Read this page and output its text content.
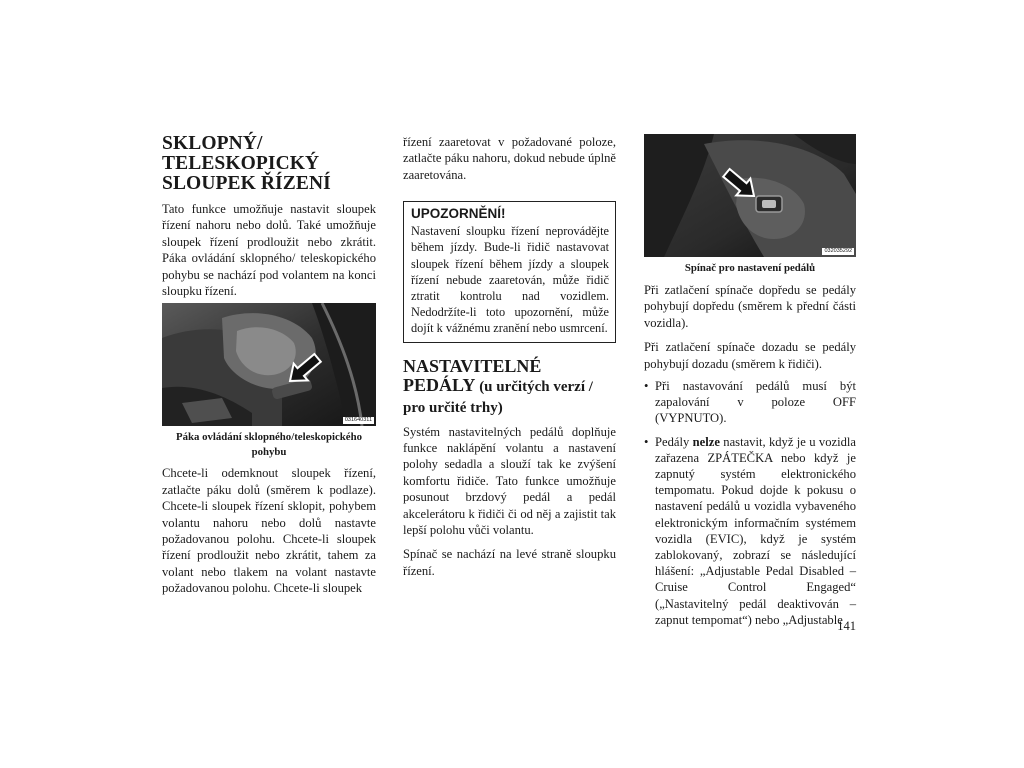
SKLOPNÝ/
TELESKOPICKÝ
SLOUPEK ŘÍZENÍ

Tato funkce umožňuje nastavit sloupek řízení nahoru nebo dolů. Také umožňuje sloupek řízení prodloužit nebo zkrátit. Páka ovládání sklopného/ teleskopického pohybu se nachází pod volantem na konci sloupku řízení.

031640311

Páka ovládání sklopného/teleskopického pohybu

Chcete-li odemknout sloupek řízení, zatlačte páku dolů (směrem k podlaze). Chcete-li sloupek řízení sklopit, pohybem volantu nahoru nebo dolů nastavte požadovanou polohu. Chcete-li sloupek řízení prodloužit nebo zkrátit, tahem za volant nebo tlakem na volant nastavte požadovanou polohu. Chcete-li sloupek

řízení zaaretovat v požadované poloze, zatlačte páku nahoru, dokud nebude úplně zaaretována.

UPOZORNĚNÍ!

Nastavení sloupku řízení neprovádějte během jízdy. Bude-li řidič nastavovat sloupek řízení během jízdy a sloupek řízení nebude zaaretován, může řidič ztratit kontrolu nad vozidlem. Nedodržíte-li toto upozornění, může dojít k vážnému zranění nebo usmrcení.

NASTAVITELNÉ PEDÁLY (u určitých verzí / pro určité trhy)

Systém nastavitelných pedálů doplňuje funkce naklápění volantu a nastavení polohy sedadla a slouží tak ke zvýšení komfortu řidiče. Tato funkce umožňuje posunout brzdový pedál a pedál akcelerátoru k řidiči či od něj a zajistit tak lepší polohu vůči volantu.

Spínač se nachází na levé straně sloupku řízení.

032035292

Spínač pro nastavení pedálů

Při zatlačení spínače dopředu se pedály pohybují dopředu (směrem k přední části vozidla).

Při zatlačení spínače dozadu se pedály pohybují dozadu (směrem k řidiči).

• Při nastavování pedálů musí být zapalování v poloze OFF (VYPNUTO).
• Pedály nelze nastavit, když je u vozidla zařazena ZPÁTEČKA nebo když je zapnutý systém elektronického tempomatu. Pokud dojde k pokusu o nastavení pedálů u vozidla vybaveného elektronickým informačním systémem vozidla (EVIC), když je systém zablokovaný, zobrazí se následující hlášení: „Adjustable Pedal Disabled – Cruise Control Engaged“ („Nastavitelný pedál deaktivován – zapnut tempomat“) nebo „Adjustable
141
